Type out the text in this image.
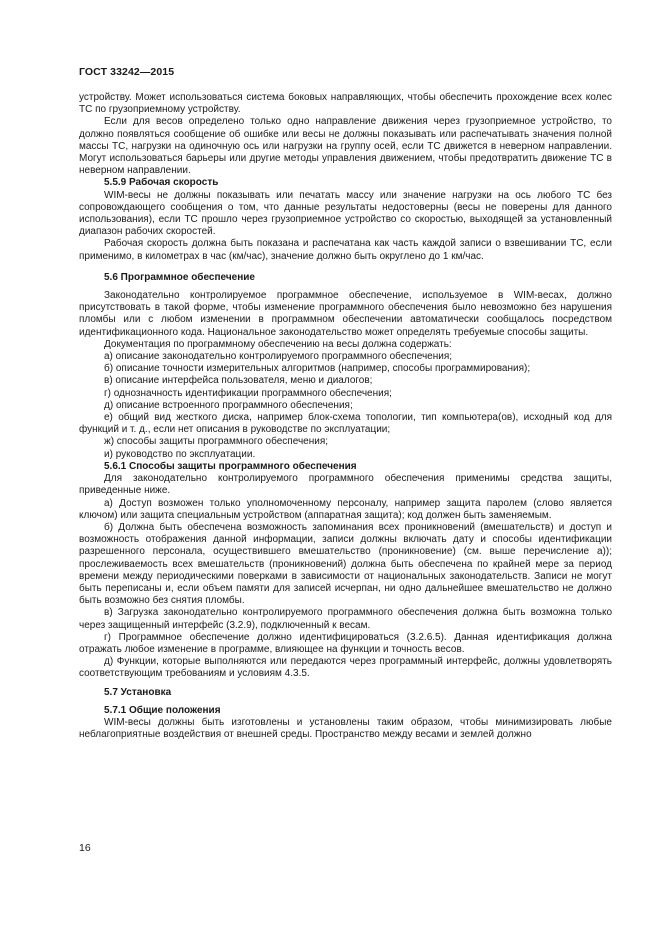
ГОСТ 33242—2015

устройству. Может использоваться система боковых направляющих, чтобы обеспечить прохождение всех колес ТС по грузоприемному устройству.

Если для весов определено только одно направление движения через грузоприемное устройство, то должно появляться сообщение об ошибке или весы не должны показывать или распечатывать значения полной массы ТС, нагрузки на одиночную ось или нагрузки на группу осей, если ТС движется в неверном направлении. Могут использоваться барьеры или другие методы управления движением, чтобы предотвратить движение ТС в неверном направлении.

5.5.9 Рабочая скорость

WIM-весы не должны показывать или печатать массу или значение нагрузки на ось любого ТС без сопровождающего сообщения о том, что данные результаты недостоверны (весы не поверены для данного использования), если ТС прошло через грузоприемное устройство со скоростью, выходящей за установленный диапазон рабочих скоростей.

Рабочая скорость должна быть показана и распечатана как часть каждой записи о взвешивании ТС, если применимо, в километрах в час (км/час), значение должно быть округлено до 1 км/час.

5.6 Программное обеспечение

Законодательно контролируемое программное обеспечение, используемое в WIM-весах, должно присутствовать в такой форме, чтобы изменение программного обеспечения было невозможно без нарушения пломбы или с любом изменении в программном обеспечении автоматически сообщалось посредством идентификационного кода. Национальное законодательство может определять требуемые способы защиты.

Документация по программному обеспечению на весы должна содержать:

а) описание законодательно контролируемого программного обеспечения;

б) описание точности измерительных алгоритмов (например, способы программирования);

в) описание интерфейса пользователя, меню и диалогов;

г) однозначность идентификации программного обеспечения;

д) описание встроенного программного обеспечения;

е) общий вид жесткого диска, например блок-схема топологии, тип компьютера(ов), исходный код для функций и т. д., если нет описания в руководстве по эксплуатации;

ж) способы защиты программного обеспечения;

и) руководство по эксплуатации.

5.6.1 Способы защиты программного обеспечения

Для законодательно контролируемого программного обеспечения применимы средства защиты, приведенные ниже.

а) Доступ возможен только уполномоченному персоналу, например защита паролем (слово является ключом) или защита специальным устройством (аппаратная защита); код должен быть заменяемым.

б) Должна быть обеспечена возможность запоминания всех проникновений (вмешательств) и доступ и возможность отображения данной информации, записи должны включать дату и способы идентификации разрешенного персонала, осуществившего вмешательство (проникновение) (см. выше перечисление а)); прослеживаемость всех вмешательств (проникновений) должна быть обеспечена по крайней мере за период времени между периодическими поверками в зависимости от национальных законодательств. Записи не могут быть переписаны и, если объем памяти для записей исчерпан, ни одно дальнейшее вмешательство не должно быть возможно без снятия пломбы.

в) Загрузка законодательно контролируемого программного обеспечения должна быть возможна только через защищенный интерфейс (3.2.9), подключенный к весам.

г) Программное обеспечение должно идентифицироваться (3.2.6.5). Данная идентификация должна отражать любое изменение в программе, влияющее на функции и точность весов.

д) Функции, которые выполняются или передаются через программный интерфейс, должны удовлетворять соответствующим требованиям и условиям 4.3.5.

5.7 Установка
5.7.1 Общие положения

WIM-весы должны быть изготовлены и установлены таким образом, чтобы минимизировать любые неблагоприятные воздействия от внешней среды. Пространство между весами и землей должно

16
